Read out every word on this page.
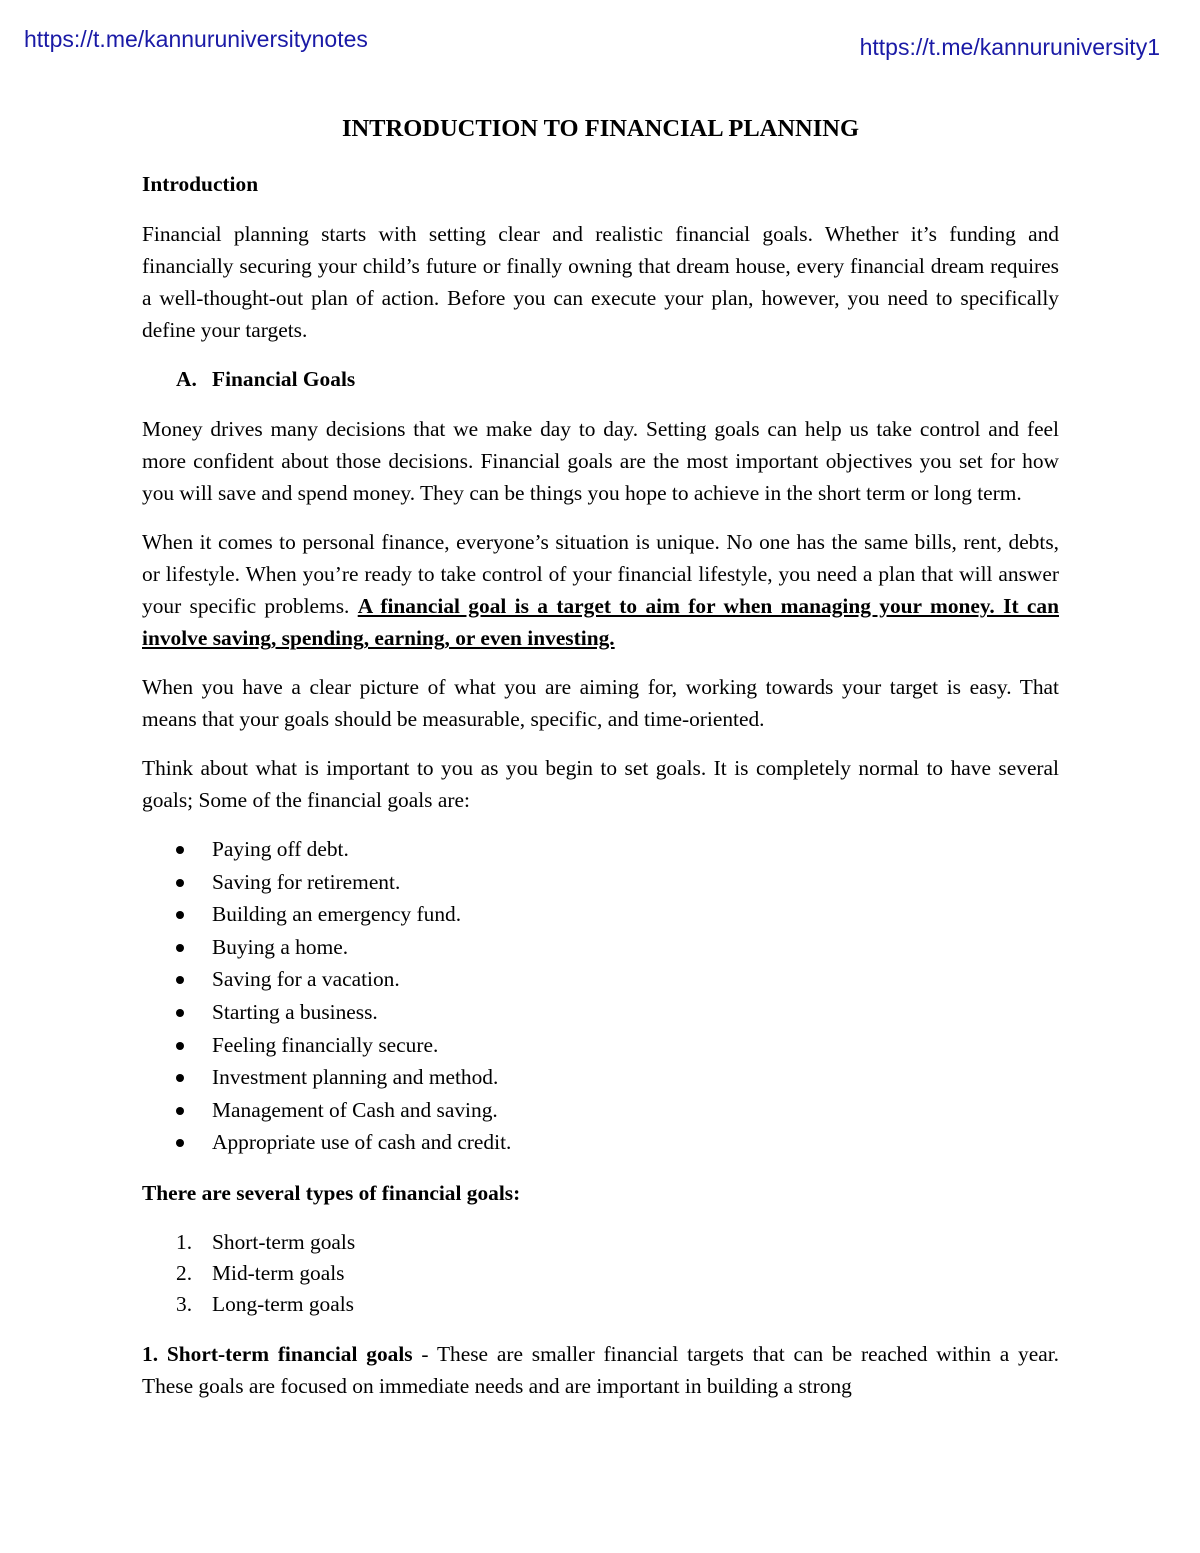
https://t.me/kannuruniversitynotes	https://t.me/kannuruniversity1
INTRODUCTION TO FINANCIAL PLANNING
Introduction

Financial planning starts with setting clear and realistic financial goals. Whether it’s funding and financially securing your child’s future or finally owning that dream house, every financial dream requires a well-thought-out plan of action. Before you can execute your plan, however, you need to specifically define your targets.

A. Financial Goals

Money drives many decisions that we make day to day. Setting goals can help us take control and feel more confident about those decisions. Financial goals are the most important objectives you set for how you will save and spend money. They can be things you hope to achieve in the short term or long term.

When it comes to personal finance, everyone’s situation is unique. No one has the same bills, rent, debts, or lifestyle. When you’re ready to take control of your financial lifestyle, you need a plan that will answer your specific problems. A financial goal is a target to aim for when managing your money. It can involve saving, spending, earning, or even investing.

When you have a clear picture of what you are aiming for, working towards your target is easy. That means that your goals should be measurable, specific, and time-oriented.

Think about what is important to you as you begin to set goals. It is completely normal to have several goals; Some of the financial goals are:

Paying off debt.
Saving for retirement.
Building an emergency fund.
Buying a home.
Saving for a vacation.
Starting a business.
Feeling financially secure.
Investment planning and method.
Management of Cash and saving.
Appropriate use of cash and credit.
There are several types of financial goals:
1. Short-term goals
2. Mid-term goals
3. Long-term goals

1. Short-term financial goals - These are smaller financial targets that can be reached within a year. These goals are focused on immediate needs and are important in building a strong
